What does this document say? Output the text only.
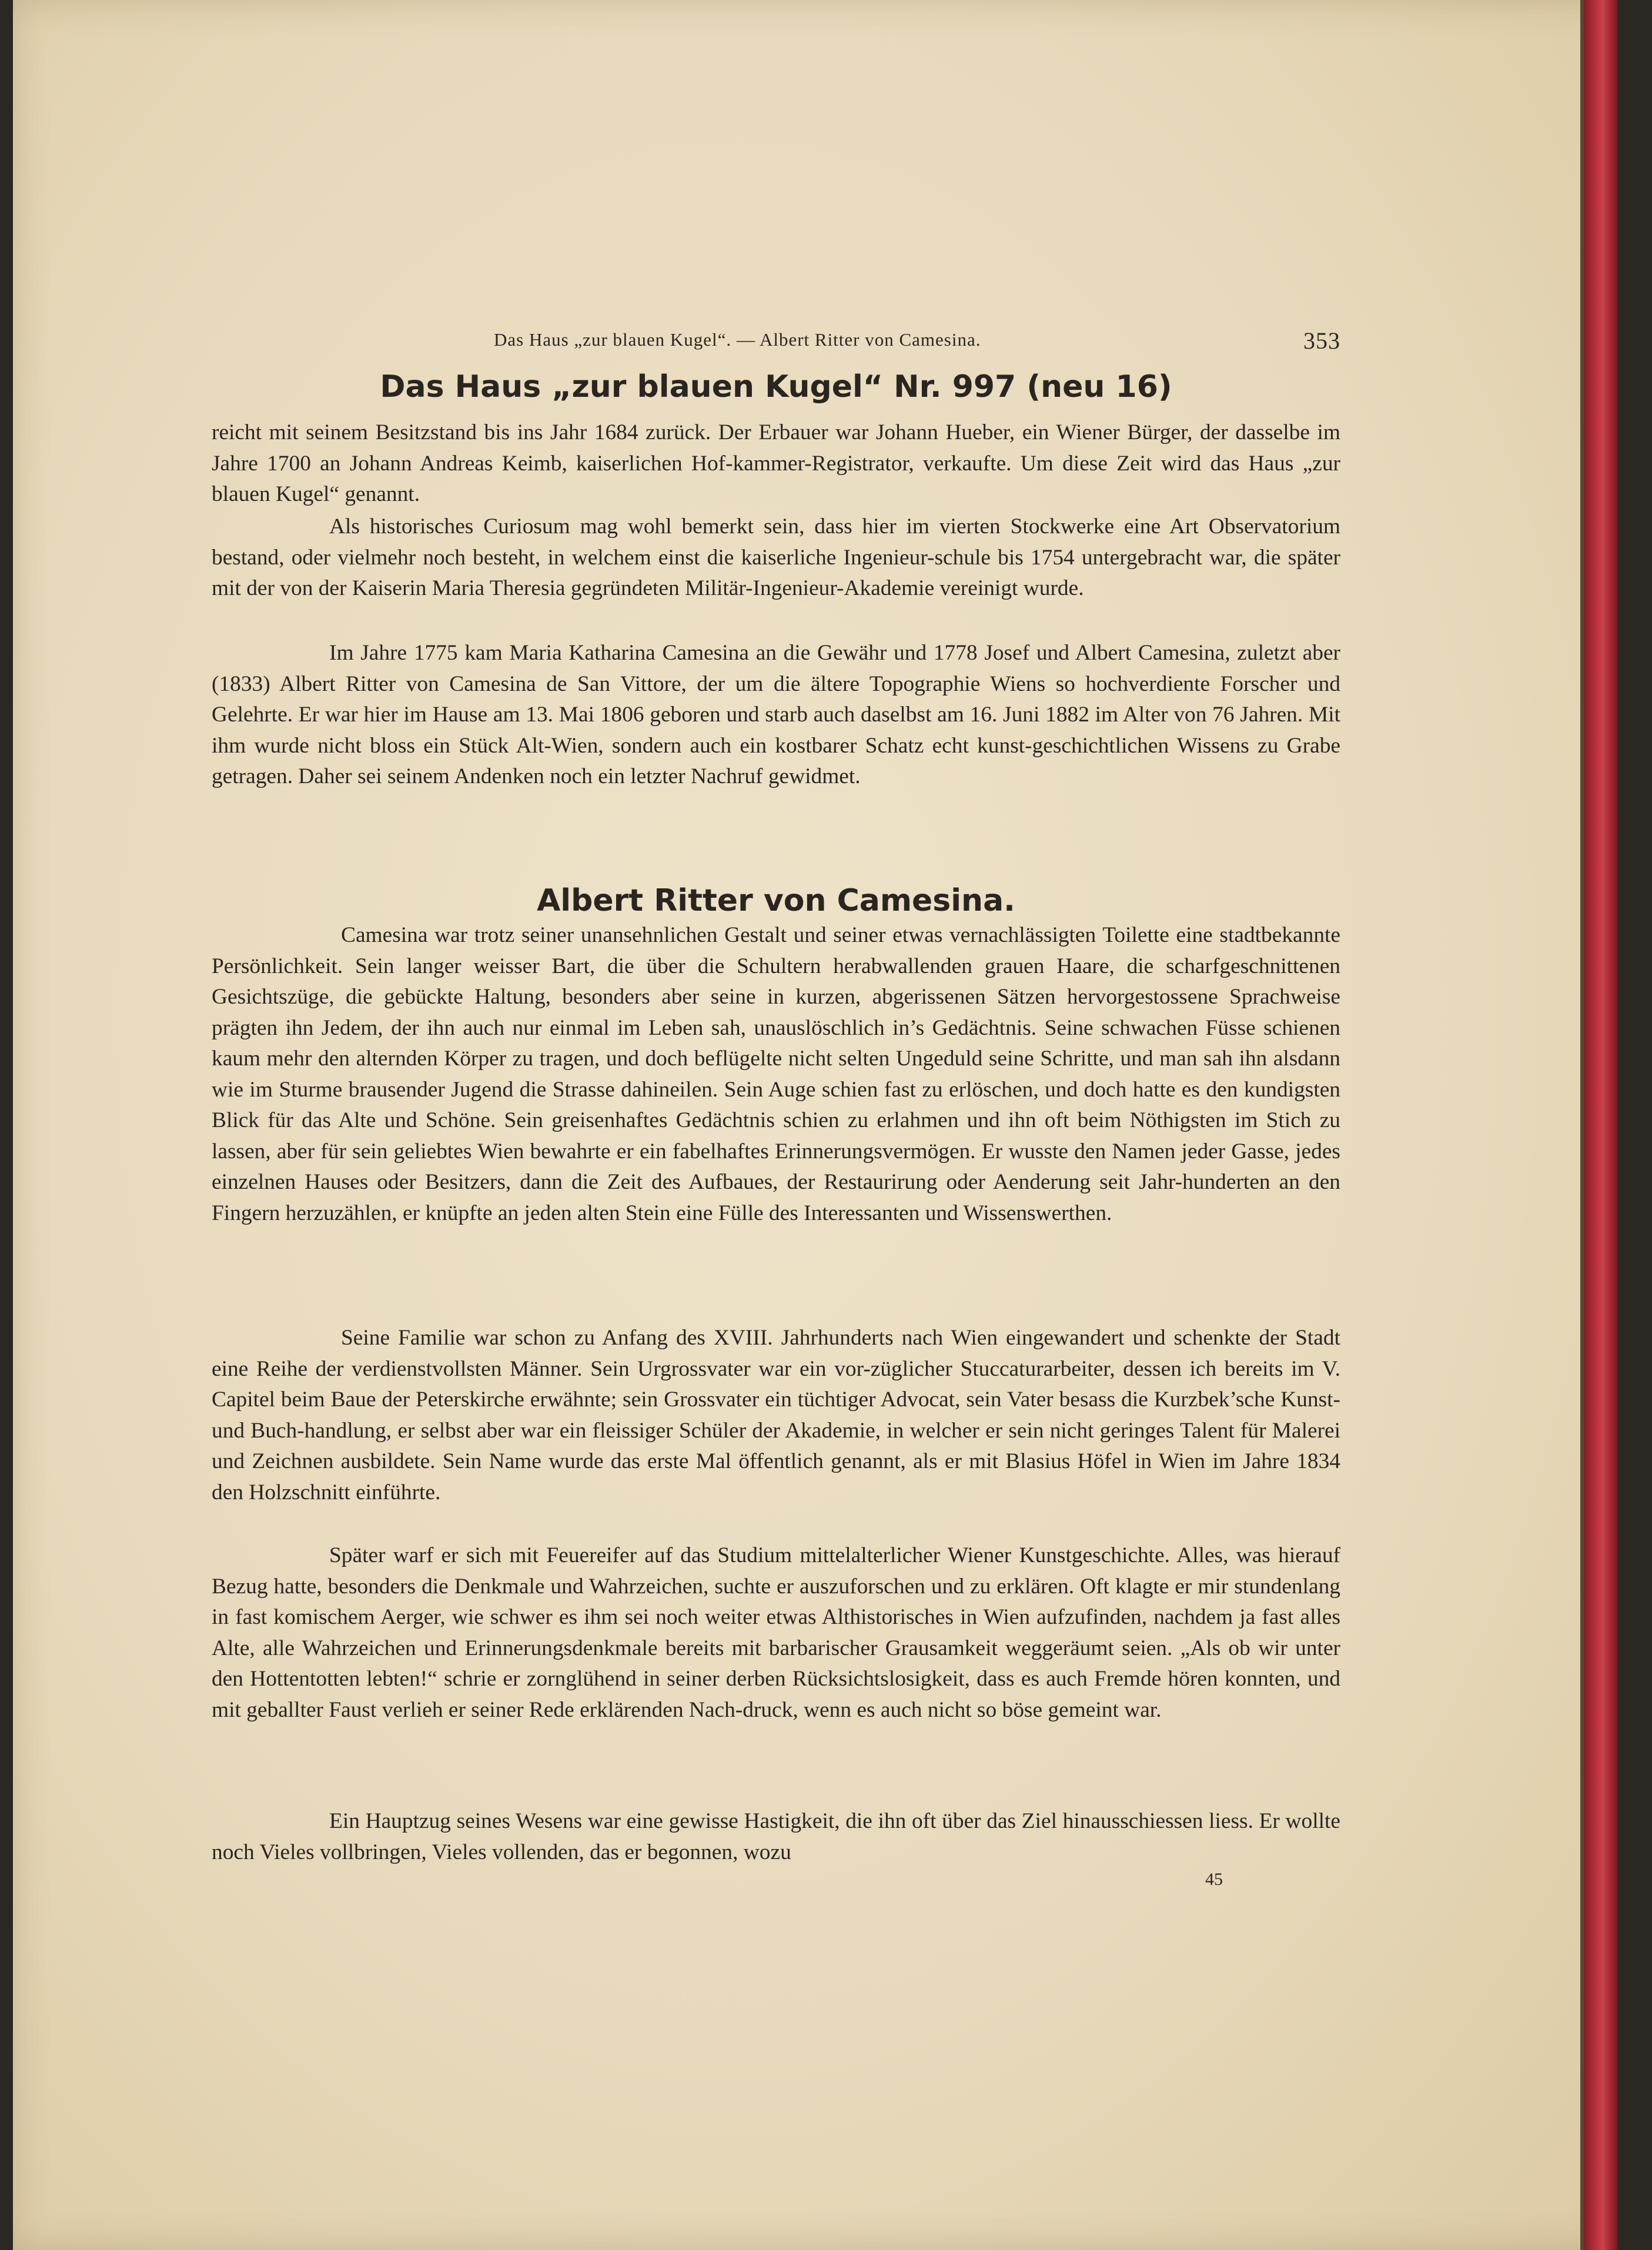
Das Haus „zur blauen Kugel“. — Albert Ritter von Camesina.	353
Das Haus „zur blauen Kugel“ Nr. 997 (neu 16)

reicht mit seinem Besitzstand bis ins Jahr 1684 zurück. Der Erbauer war Johann Hueber, ein Wiener Bürger, der dasselbe im Jahre 1700 an Johann Andreas Keimb, kaiserlichen Hof-kammer-Registrator, verkaufte. Um diese Zeit wird das Haus „zur blauen Kugel“ genannt.

Als historisches Curiosum mag wohl bemerkt sein, dass hier im vierten Stockwerke eine Art Observatorium bestand, oder vielmehr noch besteht, in welchem einst die kaiserliche Ingenieur-schule bis 1754 untergebracht war, die später mit der von der Kaiserin Maria Theresia gegründeten Militär-Ingenieur-Akademie vereinigt wurde.

Im Jahre 1775 kam Maria Katharina Camesina an die Gewähr und 1778 Josef und Albert Camesina, zuletzt aber (1833) Albert Ritter von Camesina de San Vittore, der um die ältere Topographie Wiens so hochverdiente Forscher und Gelehrte. Er war hier im Hause am 13. Mai 1806 geboren und starb auch daselbst am 16. Juni 1882 im Alter von 76 Jahren. Mit ihm wurde nicht bloss ein Stück Alt-Wien, sondern auch ein kostbarer Schatz echt kunst-geschichtlichen Wissens zu Grabe getragen. Daher sei seinem Andenken noch ein letzter Nachruf gewidmet.

Albert Ritter von Camesina.

Camesina war trotz seiner unansehnlichen Gestalt und seiner etwas vernachlässigten Toilette eine stadtbekannte Persönlichkeit. Sein langer weisser Bart, die über die Schultern herabwallenden grauen Haare, die scharfgeschnittenen Gesichtszüge, die gebückte Haltung, besonders aber seine in kurzen, abgerissenen Sätzen hervorgestossene Sprachweise prägten ihn Jedem, der ihn auch nur einmal im Leben sah, unauslöschlich in’s Gedächtnis. Seine schwachen Füsse schienen kaum mehr den alternden Körper zu tragen, und doch beflügelte nicht selten Ungeduld seine Schritte, und man sah ihn alsdann wie im Sturme brausender Jugend die Strasse dahineilen. Sein Auge schien fast zu erlöschen, und doch hatte es den kundigsten Blick für das Alte und Schöne. Sein greisenhaftes Gedächtnis schien zu erlahmen und ihn oft beim Nöthigsten im Stich zu lassen, aber für sein geliebtes Wien bewahrte er ein fabelhaftes Erinnerungsvermögen. Er wusste den Namen jeder Gasse, jedes einzelnen Hauses oder Besitzers, dann die Zeit des Aufbaues, der Restaurirung oder Aenderung seit Jahr-hunderten an den Fingern herzuzählen, er knüpfte an jeden alten Stein eine Fülle des Interessanten und Wissenswerthen.

Seine Familie war schon zu Anfang des XVIII. Jahrhunderts nach Wien eingewandert und schenkte der Stadt eine Reihe der verdienstvollsten Männer. Sein Urgrossvater war ein vor-züglicher Stuccaturarbeiter, dessen ich bereits im V. Capitel beim Baue der Peterskirche erwähnte; sein Grossvater ein tüchtiger Advocat, sein Vater besass die Kurzbek’sche Kunst- und Buch-handlung, er selbst aber war ein fleissiger Schüler der Akademie, in welcher er sein nicht geringes Talent für Malerei und Zeichnen ausbildete. Sein Name wurde das erste Mal öffentlich genannt, als er mit Blasius Höfel in Wien im Jahre 1834 den Holzschnitt einführte.

Später warf er sich mit Feuereifer auf das Studium mittelalterlicher Wiener Kunstgeschichte. Alles, was hierauf Bezug hatte, besonders die Denkmale und Wahrzeichen, suchte er auszuforschen und zu erklären. Oft klagte er mir stundenlang in fast komischem Aerger, wie schwer es ihm sei noch weiter etwas Althistorisches in Wien aufzufinden, nachdem ja fast alles Alte, alle Wahrzeichen und Erinnerungsdenkmale bereits mit barbarischer Grausamkeit weggeräumt seien. „Als ob wir unter den Hottentotten lebten!“ schrie er zornglühend in seiner derben Rücksichtslosigkeit, dass es auch Fremde hören konnten, und mit geballter Faust verlieh er seiner Rede erklärenden Nach-druck, wenn es auch nicht so böse gemeint war.

Ein Hauptzug seines Wesens war eine gewisse Hastigkeit, die ihn oft über das Ziel hinausschiessen liess. Er wollte noch Vieles vollbringen, Vieles vollenden, das er begonnen, wozu

45
